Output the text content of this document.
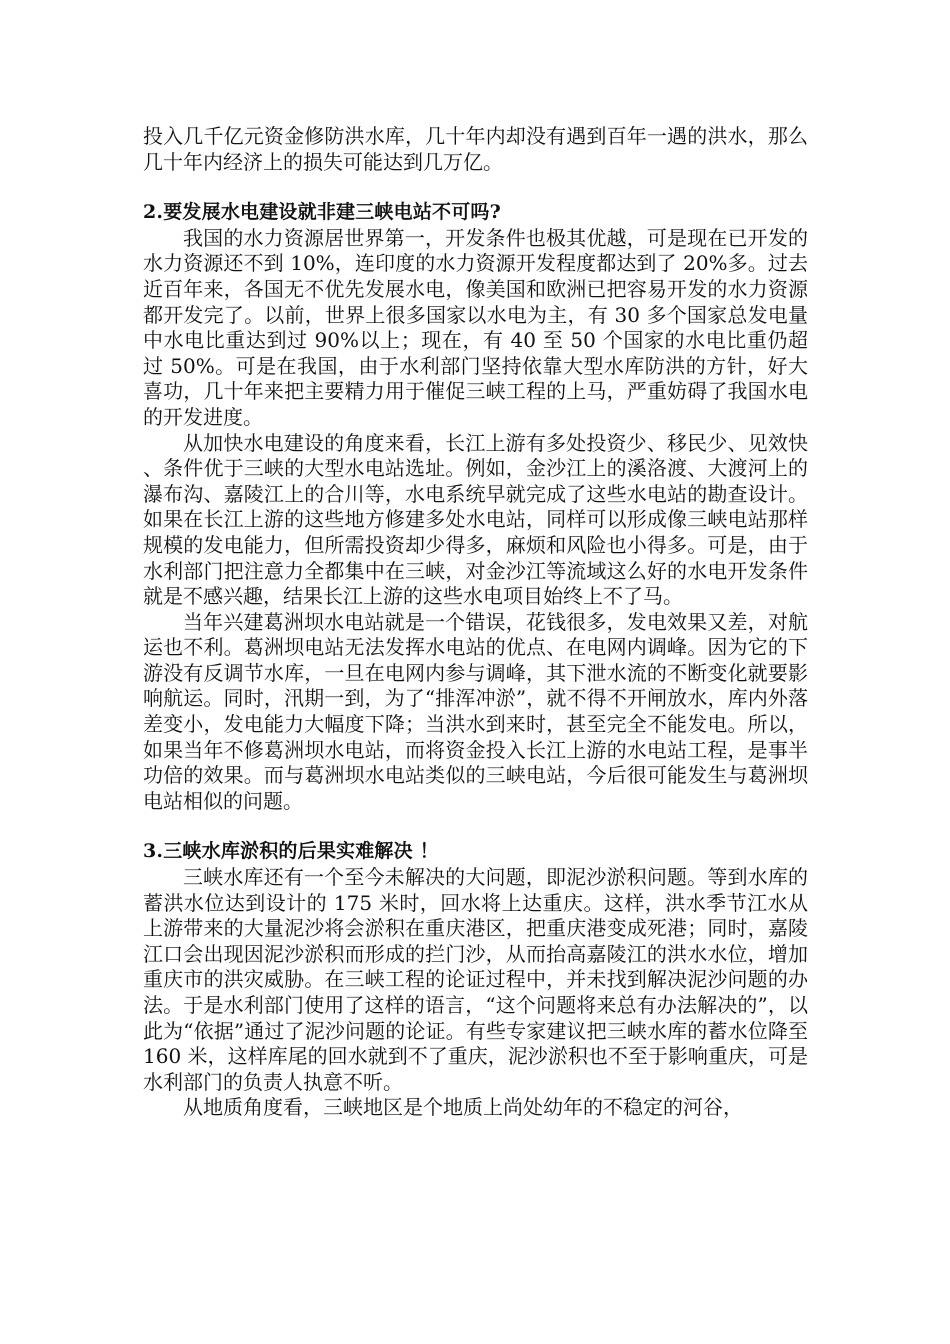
投入几千亿元资金修防洪水库，几十年内却没有遇到百年一遇的洪水，那么几十年内经济上的损失可能达到几万亿。

2.要发展水电建设就非建三峡电站不可吗?

我国的水力资源居世界第一，开发条件也极其优越，可是现在已开发的水力资源还不到 10%，连印度的水力资源开发程度都达到了 20%多。过去近百年来，各国无不优先发展水电，像美国和欧洲已把容易开发的水力资源都开发完了。以前，世界上很多国家以水电为主，有 30 多个国家总发电量中水电比重达到过 90%以上；现在，有 40 至 50 个国家的水电比重仍超过 50%。可是在我国，由于水利部门坚持依靠大型水库防洪的方针，好大喜功，几十年来把主要精力用于催促三峡工程的上马，严重妨碍了我国水电的开发进度。

从加快水电建设的角度来看，长江上游有多处投资少、移民少、见效快、条件优于三峡的大型水电站选址。例如，金沙江上的溪洛渡、大渡河上的瀑布沟、嘉陵江上的合川等，水电系统早就完成了这些水电站的勘查设计。如果在长江上游的这些地方修建多处水电站，同样可以形成像三峡电站那样规模的发电能力，但所需投资却少得多，麻烦和风险也小得多。可是，由于水利部门把注意力全都集中在三峡，对金沙江等流域这么好的水电开发条件就是不感兴趣，结果长江上游的这些水电项目始终上不了马。

当年兴建葛洲坝水电站就是一个错误，花钱很多，发电效果又差，对航运也不利。葛洲坝电站无法发挥水电站的优点、在电网内调峰。因为它的下游没有反调节水库，一旦在电网内参与调峰，其下泄水流的不断变化就要影响航运。同时，汛期一到，为了“排浑冲淤”，就不得不开闸放水，库内外落差变小，发电能力大幅度下降；当洪水到来时，甚至完全不能发电。所以，如果当年不修葛洲坝水电站，而将资金投入长江上游的水电站工程，是事半功倍的效果。而与葛洲坝水电站类似的三峡电站，今后很可能发生与葛洲坝电站相似的问题。

3.三峡水库淤积的后果实难解决 ！

三峡水库还有一个至今未解决的大问题，即泥沙淤积问题。等到水库的蓄洪水位达到设计的 175 米时，回水将上达重庆。这样，洪水季节江水从上游带来的大量泥沙将会淤积在重庆港区，把重庆港变成死港；同时，嘉陵江口会出现因泥沙淤积而形成的拦门沙，从而抬高嘉陵江的洪水水位，增加重庆市的洪灾威胁。在三峡工程的论证过程中，并未找到解决泥沙问题的办法。于是水利部门使用了这样的语言，“这个问题将来总有办法解决的”，以此为“依据”通过了泥沙问题的论证。有些专家建议把三峡水库的蓄水位降至 160 米，这样库尾的回水就到不了重庆，泥沙淤积也不至于影响重庆，可是水利部门的负责人执意不听。

从地质角度看，三峡地区是个地质上尚处幼年的不稳定的河谷，
